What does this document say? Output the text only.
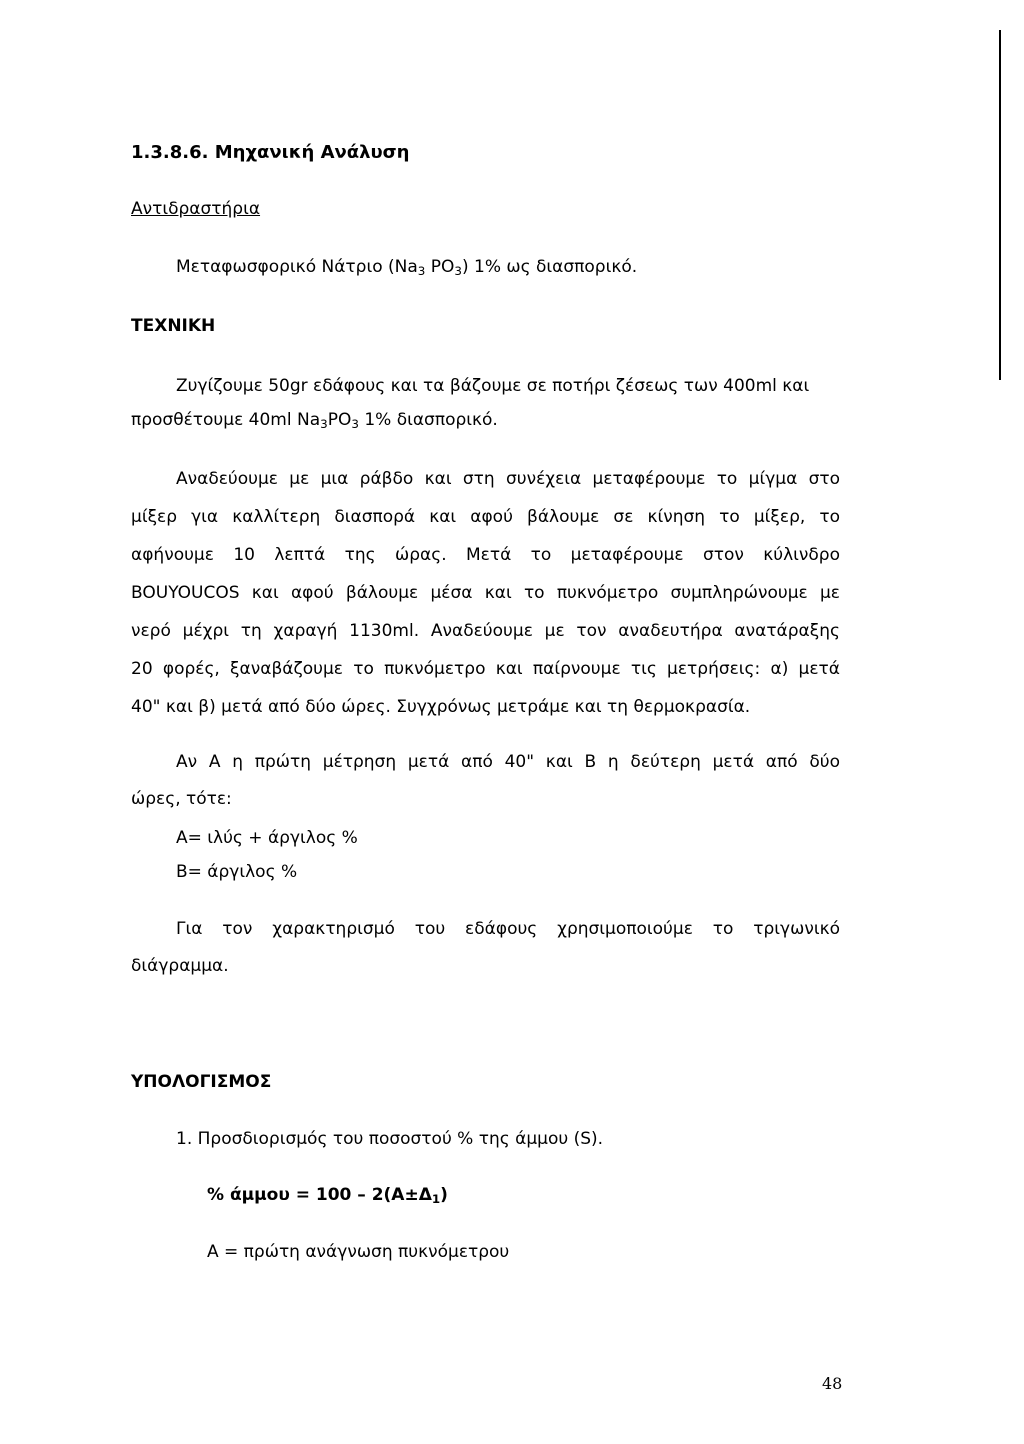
1.3.8.6. Μηχανική Ανάλυση
Αντιδραστήρια
Μεταφωσφορικό Νάτριο ($Na_3$ $PO_3$) 1% ως διασπορικό.
ΤΕΧΝΙΚΗ
Ζυγίζουμε 50gr εδάφους και τα βάζουμε σε ποτήρι ζέσεως των 400ml και
προσθέτουμε 40ml $Na_3PO_3$ 1% διασπορικό.
Αναδεύουμε με μια ράβδο και στη συνέχεια μεταφέρουμε το μίγμα στο
μίξερ για καλλίτερη διασπορά και αφού βάλουμε σε κίνηση το μίξερ, το
αφήνουμε 10 λεπτά της ώρας. Μετά το μεταφέρουμε στον κύλινδρο
BOUYOUCOS και αφού βάλουμε μέσα και το πυκνόμετρο συμπληρώνουμε με
νερό μέχρι τη χαραγή 1130ml. Αναδεύουμε με τον αναδευτήρα ανατάραξης
20 φορές, ξαναβάζουμε το πυκνόμετρο και παίρνουμε τις μετρήσεις: α) μετά
40" και β) μετά από δύο ώρες. Συγχρόνως μετράμε και τη θερμοκρασία.
Αν Α η πρώτη μέτρηση μετά από 40" και Β η δεύτερη μετά από δύο
ώρες, τότε:
Α= ιλύς + άργιλος %
Β= άργιλος %
Για τον χαρακτηρισμό του εδάφους χρησιμοποιούμε το τριγωνικό
διάγραμμα.
ΥΠΟΛΟΓΙΣΜΟΣ
1. Προσδιορισμός του ποσοστού % της άμμου (S).
% $ά\mu\mu o\upsilon = 100 - 2(A\pm\Delta_1)$
Α = πρώτη ανάγνωση πυκνόμετρου
48
